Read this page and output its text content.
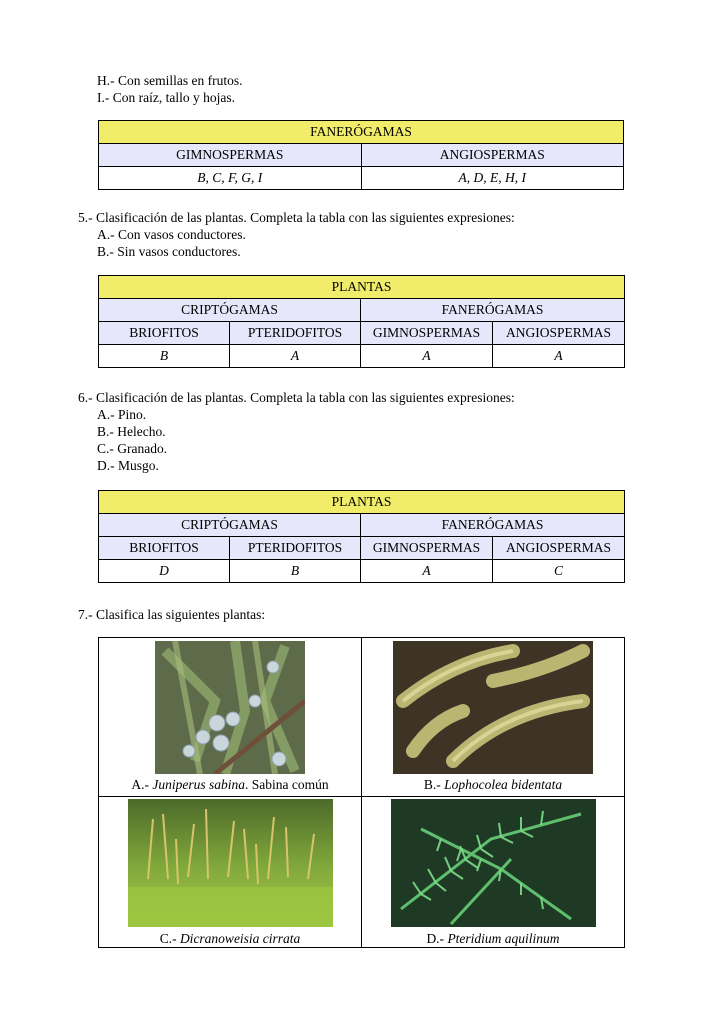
H.- Con semillas en frutos.
I.- Con raíz, tallo y hojas.
FANERÓGAMAS	
GIMNOSPERMAS	ANGIOSPERMAS
B, C, F, G, I	A, D, E, H, I
5.- Clasificación de las plantas. Completa la tabla con las siguientes expresiones:
A.- Con vasos conductores.
B.- Sin vasos conductores.
PLANTAS			
CRIPTÓGAMAS		FANERÓGAMAS	
BRIOFITOS	PTERIDOFITOS	GIMNOSPERMAS	ANGIOSPERMAS
B	A	A	A
6.- Clasificación de las plantas. Completa la tabla con las siguientes expresiones:
A.- Pino.
B.- Helecho.
C.- Granado.
D.- Musgo.
PLANTAS			
CRIPTÓGAMAS		FANERÓGAMAS	
BRIOFITOS	PTERIDOFITOS	GIMNOSPERMAS	ANGIOSPERMAS
D	B	A	C
7.- Clasifica las siguientes plantas:
A.- Juniperus sabina. Sabina común	B.- Lophocolea bidentata

C.- Dicranoweisia cirrata	D.- Pteridium aquilinum
